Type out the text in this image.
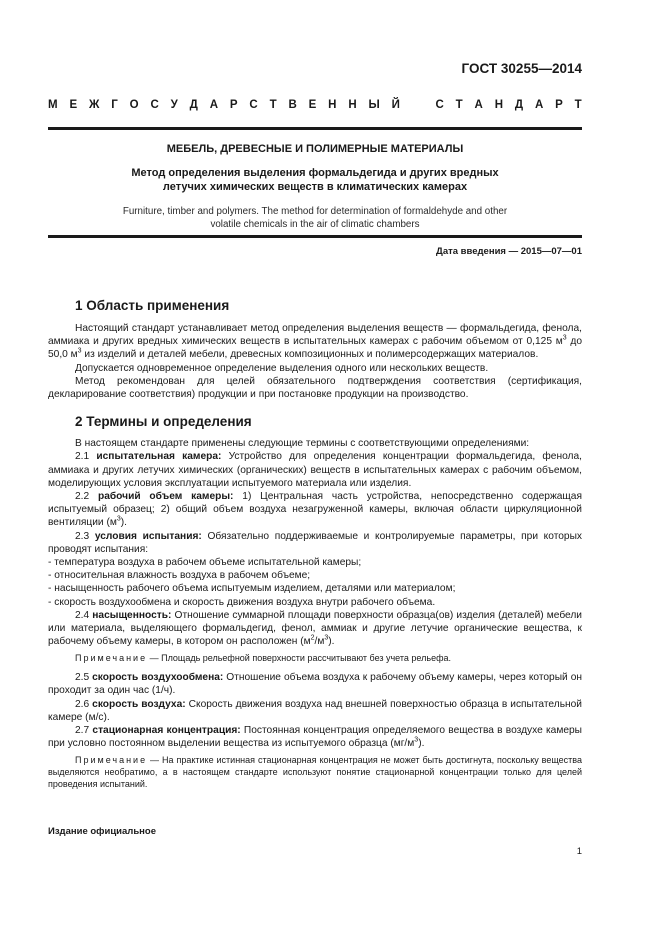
ГОСТ 30255—2014
М Е Ж Г О С У Д А Р С Т В Е Н Н Ы Й	С Т А Н Д А Р Т
МЕБЕЛЬ, ДРЕВЕСНЫЕ И ПОЛИМЕРНЫЕ МАТЕРИАЛЫ
Метод определения выделения формальдегида и других вредных
летучих химических веществ в климатических камерах
Furniture, timber and polymers. The method for determination of formaldehyde and other
volatile chemicals in the air of climatic chambers
Дата введения — 2015—07—01
1 Область применения

Настоящий стандарт устанавливает метод определения выделения веществ — формальдегида, фенола, аммиака и других вредных химических веществ в испытательных камерах с рабочим объемом от 0,125 $м^3$ до 50,0 $м^3$ из изделий и деталей мебели, древесных композиционных и полимерсодержащих материалов.

Допускается одновременное определение выделения одного или нескольких веществ.

Метод рекомендован для целей обязательного подтверждения соответствия (сертификация, декларирование соответствия) продукции и при постановке продукции на производство.

2 Термины и определения

В настоящем стандарте применены следующие термины с соответствующими определениями:

2.1 испытательная камера: Устройство для определения концентрации формальдегида, фенола, аммиака и других летучих химических (органических) веществ в испытательных камерах с рабочим объемом, моделирующих условия эксплуатации испытуемого материала или изделия.

2.2 рабочий объем камеры: 1) Центральная часть устройства, непосредственно содержащая испытуемый образец; 2) общий объем воздуха незагруженной камеры, включая области циркуляционной вентиляции $(м^3)$.

2.3 условия испытания: Обязательно поддерживаемые и контролируемые параметры, при которых проводят испытания:

- температура воздуха в рабочем объеме испытательной камеры;

- относительная влажность воздуха в рабочем объеме;

- насыщенность рабочего объема испытуемым изделием, деталями или материалом;

- скорость воздухообмена и скорость движения воздуха внутри рабочего объема.

2.4 насыщенность: Отношение суммарной площади поверхности образца(ов) изделия (деталей) мебели или материала, выделяющего формальдегид, фенол, аммиак и другие летучие органические вещества, к рабочему объему камеры, в котором он расположен $(м^2/м^3)$.

Примечание — Площадь рельефной поверхности рассчитывают без учета рельефа.

2.5 скорость воздухообмена: Отношение объема воздуха к рабочему объему камеры, через который он проходит за один час (1/ч).

2.6 скорость воздуха: Скорость движения воздуха над внешней поверхностью образца в испытательной камере (м/с).

2.7 стационарная концентрация: Постоянная концентрация определяемого вещества в воздухе камеры при условно постоянном выделении вещества из испытуемого образца $(мг/м^3)$.

Примечание — На практике истинная стационарная концентрация не может быть достигнута, поскольку вещества выделяются необратимо, а в настоящем стандарте используют понятие стационарной концентрации только для целей проведения испытаний.

Издание официальное
1
